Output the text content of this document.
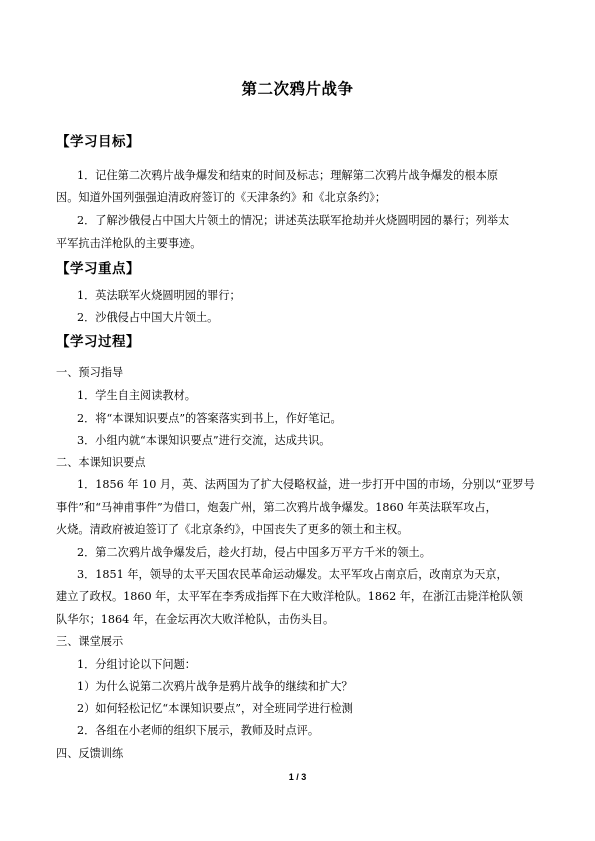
第二次鸦片战争
【学习目标】
1．记住第二次鸦片战争爆发和结束的时间及标志；理解第二次鸦片战争爆发的根本原
因。知道外国列强强迫清政府签订的《天津条约》和《北京条约》；
2．了解沙俄侵占中国大片领土的情况；讲述英法联军抢劫并火烧圆明园的暴行；列举太
平军抗击洋枪队的主要事迹。
【学习重点】
1．英法联军火烧圆明园的罪行；
2．沙俄侵占中国大片领土。
【学习过程】
一、预习指导
1．学生自主阅读教材。
2．将“本课知识要点”的答案落实到书上，作好笔记。
3．小组内就“本课知识要点”进行交流，达成共识。
二、本课知识要点
1．1856 年 10 月，英、法两国为了扩大侵略权益，进一步打开中国的市场，分别以“亚罗号
事件”和“马神甫事件”为借口，炮轰广州，第二次鸦片战争爆发。1860 年英法联军攻占，
火烧。清政府被迫签订了《北京条约》，中国丧失了更多的领土和主权。
2．第二次鸦片战争爆发后，趁火打劫，侵占中国多万平方千米的领土。
3．1851 年，领导的太平天国农民革命运动爆发。太平军攻占南京后，改南京为天京，
建立了政权。1860 年，太平军在李秀成指挥下在大败洋枪队。1862 年，在浙江击毙洋枪队领
队华尔；1864 年，在金坛再次大败洋枪队，击伤头目。
三、课堂展示
1．分组讨论以下问题：
1）为什么说第二次鸦片战争是鸦片战争的继续和扩大？
2）如何轻松记忆“本课知识要点”，对全班同学进行检测
2．各组在小老师的组织下展示，教师及时点评。
四、反馈训练
1 / 3
